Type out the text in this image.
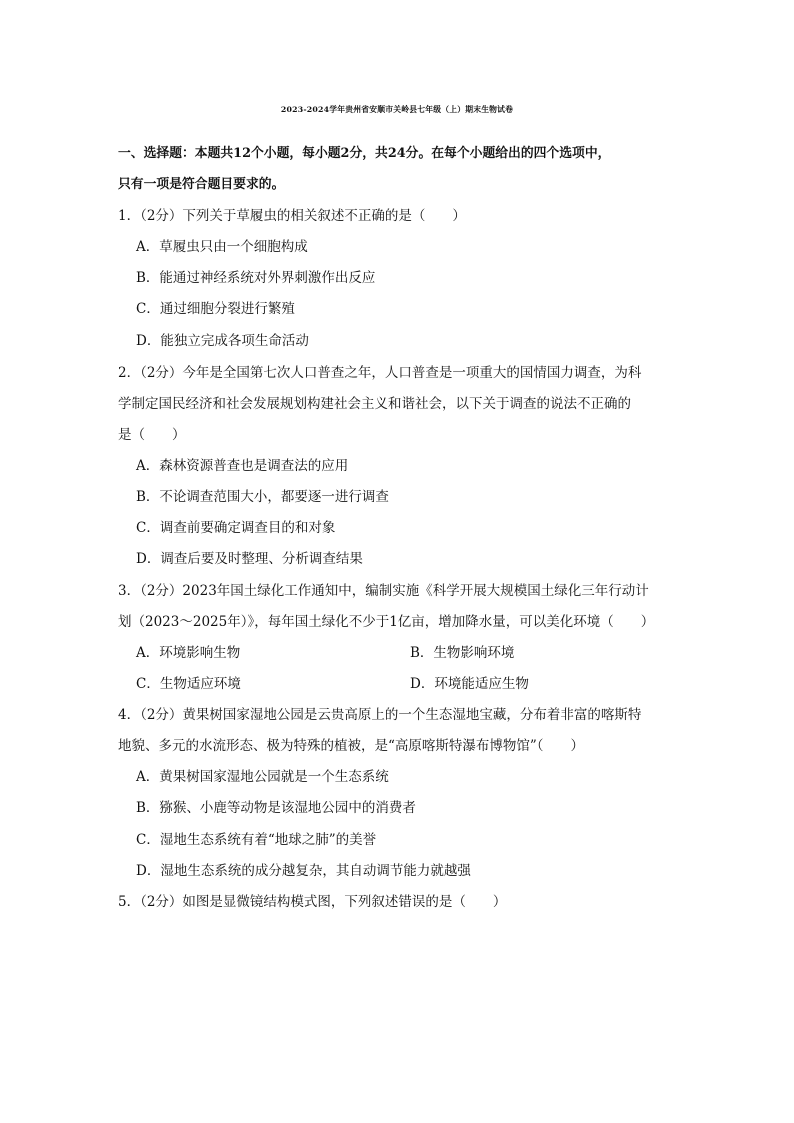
2023-2024学年贵州省安顺市关岭县七年级（上）期末生物试卷
一、选择题：本题共12个小题，每小题2分，共24分。在每个小题给出的四个选项中，
只有一项是符合题目要求的。
1．（2分）下列关于草履虫的相关叙述不正确的是（　　）
A．草履虫只由一个细胞构成
B．能通过神经系统对外界刺激作出反应
C．通过细胞分裂进行繁殖
D．能独立完成各项生命活动
2．（2分）今年是全国第七次人口普查之年，人口普查是一项重大的国情国力调查，为科
学制定国民经济和社会发展规划构建社会主义和谐社会，以下关于调查的说法不正确的
是（　　）
A．森林资源普查也是调查法的应用
B．不论调查范围大小，都要逐一进行调查
C．调查前要确定调查目的和对象
D．调查后要及时整理、分析调查结果
3．（2分）2023年国土绿化工作通知中，编制实施《科学开展大规模国土绿化三年行动计
划（2023～2025年）》，每年国土绿化不少于1亿亩，增加降水量，可以美化环境（　　）
A．环境影响生物	B．生物影响环境
C．生物适应环境	D．环境能适应生物
4．（2分）黄果树国家湿地公园是云贵高原上的一个生态湿地宝藏，分布着非富的喀斯特
地貌、多元的水流形态、极为特殊的植被，是“高原喀斯特瀑布博物馆”（　　）
A．黄果树国家湿地公园就是一个生态系统
B．猕猴、小鹿等动物是该湿地公园中的消费者
C．湿地生态系统有着“地球之肺”的美誉
D．湿地生态系统的成分越复杂，其自动调节能力就越强
5．（2分）如图是显微镜结构模式图，下列叙述错误的是（　　）
